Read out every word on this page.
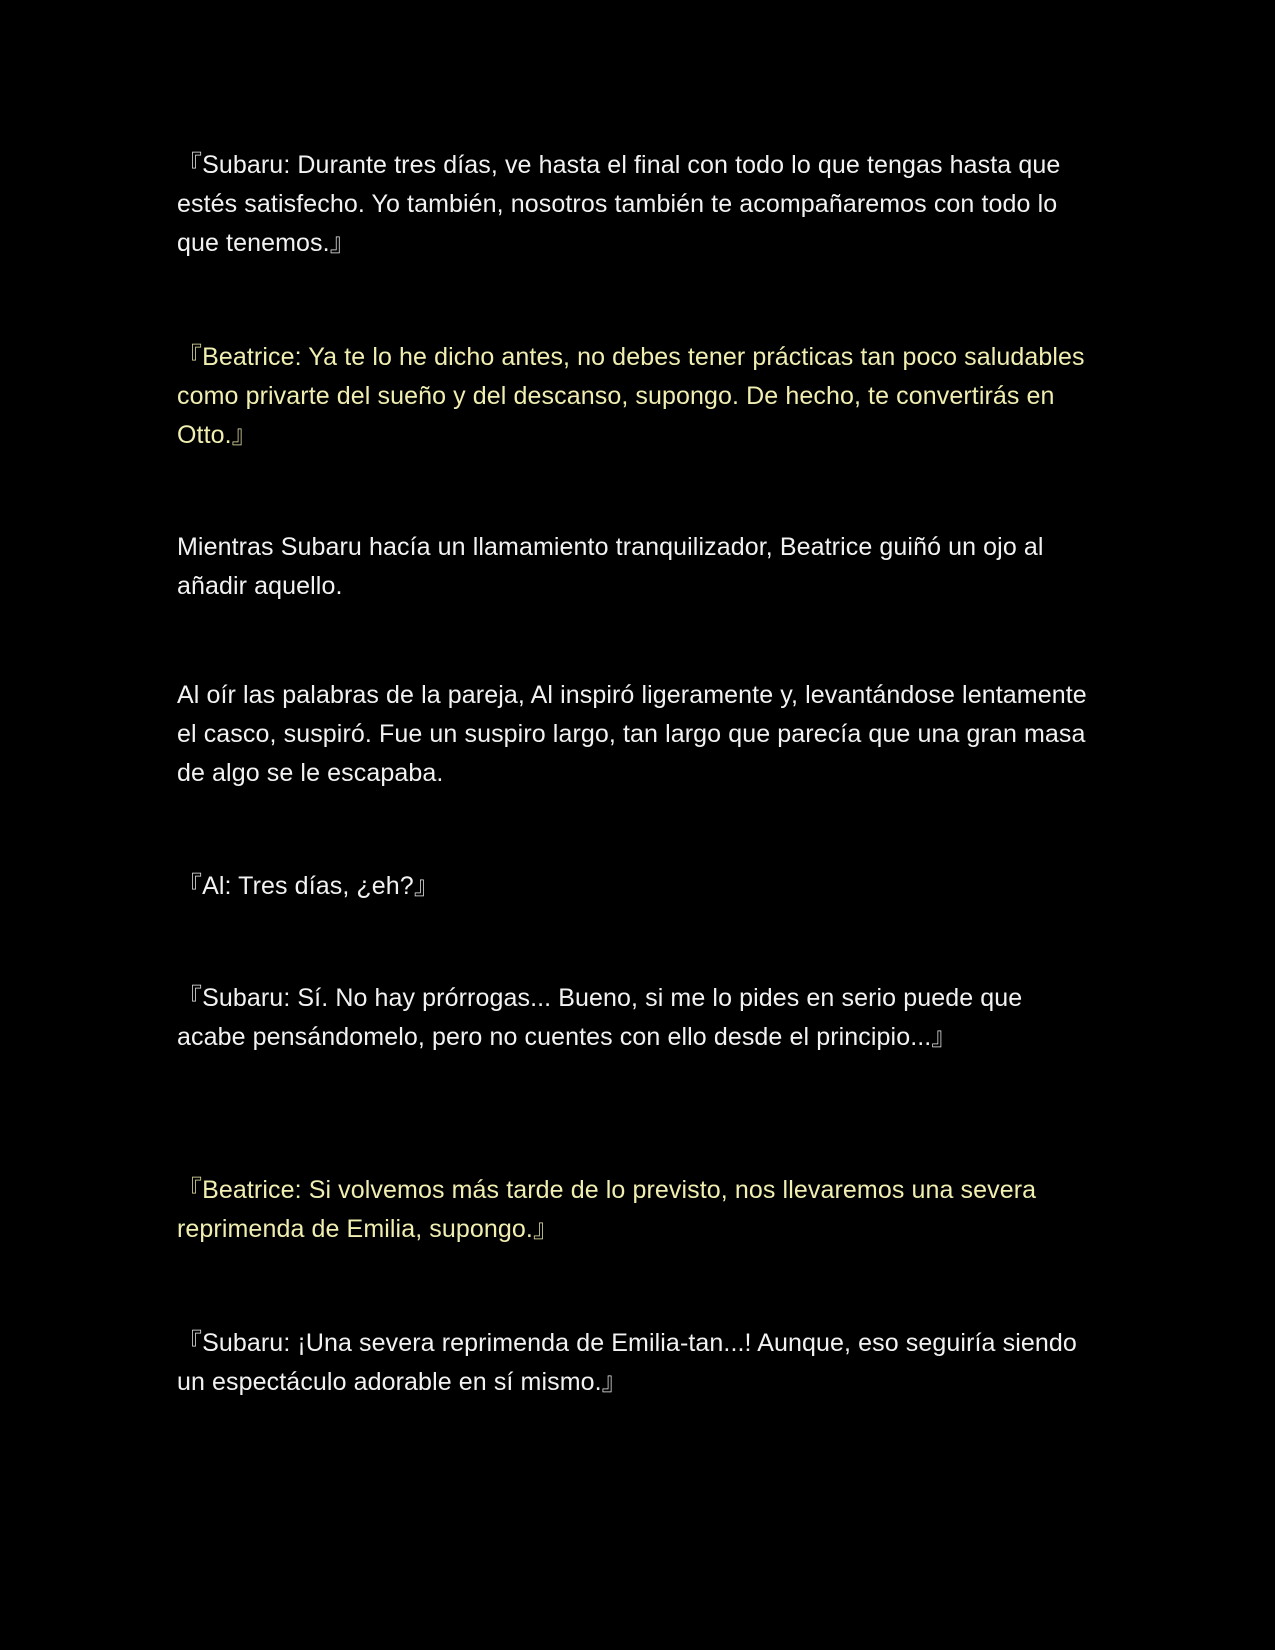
『Subaru: Durante tres días, ve hasta el final con todo lo que tengas hasta que estés satisfecho. Yo también, nosotros también te acompañaremos con todo lo que tenemos.』

『Beatrice: Ya te lo he dicho antes, no debes tener prácticas tan poco saludables como privarte del sueño y del descanso, supongo. De hecho, te convertirás en Otto.』

Mientras Subaru hacía un llamamiento tranquilizador, Beatrice guiñó un ojo al añadir aquello.

Al oír las palabras de la pareja, Al inspiró ligeramente y, levantándose lentamente el casco, suspiró. Fue un suspiro largo, tan largo que parecía que una gran masa de algo se le escapaba.

『Al: Tres días, ¿eh?』

『Subaru: Sí. No hay prórrogas... Bueno, si me lo pides en serio puede que acabe pensándomelo, pero no cuentes con ello desde el principio...』

『Beatrice: Si volvemos más tarde de lo previsto, nos llevaremos una severa reprimenda de Emilia, supongo.』

『Subaru: ¡Una severa reprimenda de Emilia-tan...! Aunque, eso seguiría siendo un espectáculo adorable en sí mismo.』
